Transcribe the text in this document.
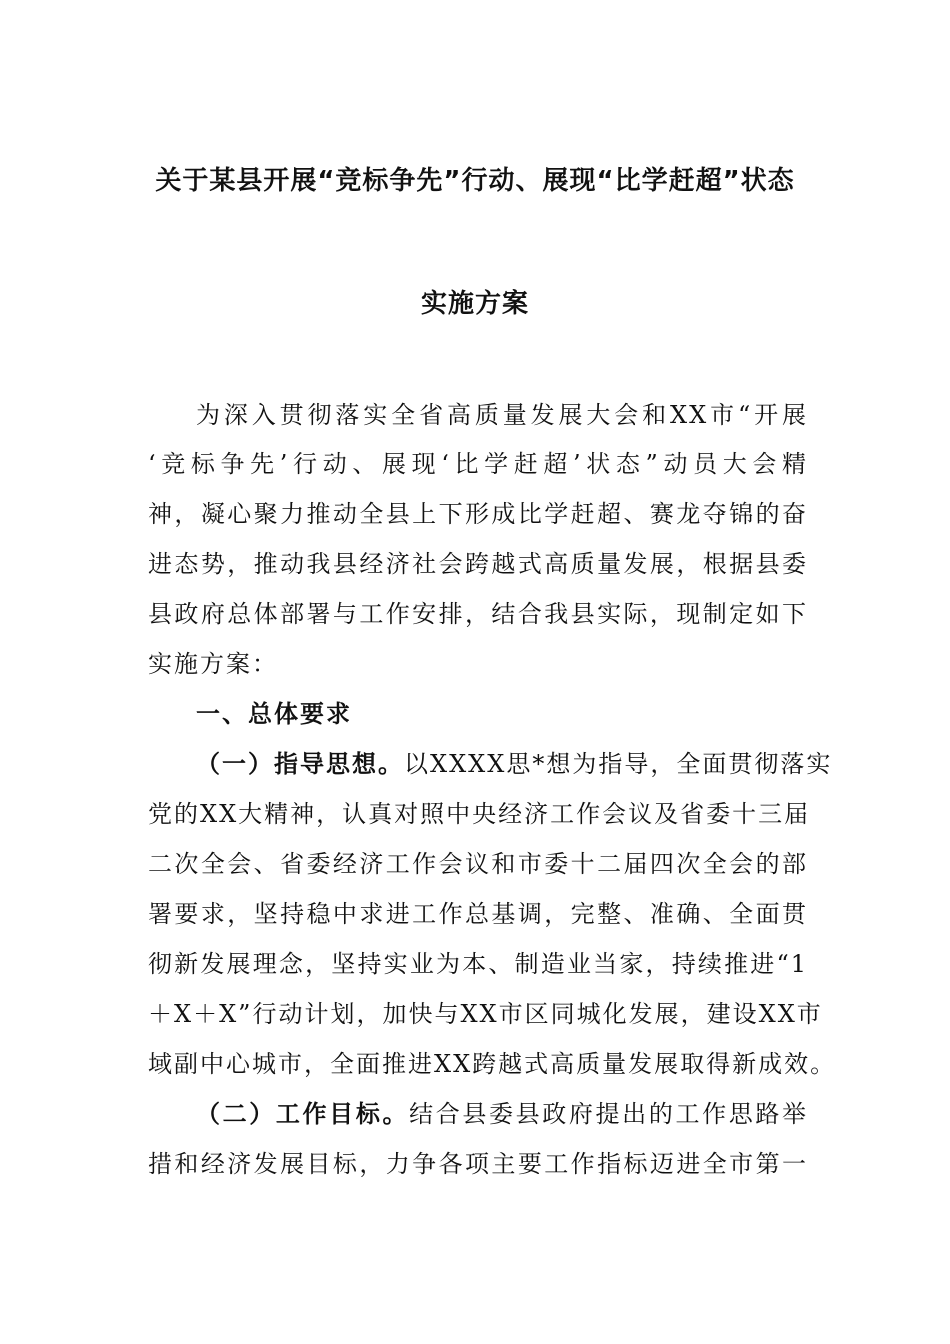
关于某县开展“竞标争先”行动、展现“比学赶超”状态
实施方案
为深入贯彻落实全省高质量发展大会和XX市“开展
‘竞标争先’行动、展现‘比学赶超’状态”动员大会精
神，凝心聚力推动全县上下形成比学赶超、赛龙夺锦的奋
进态势，推动我县经济社会跨越式高质量发展，根据县委
县政府总体部署与工作安排，结合我县实际，现制定如下
实施方案：
一、总体要求
（一）指导思想。以XXXX思*想为指导，全面贯彻落实
党的XX大精神，认真对照中央经济工作会议及省委十三届
二次全会、省委经济工作会议和市委十二届四次全会的部
署要求，坚持稳中求进工作总基调，完整、准确、全面贯
彻新发展理念，坚持实业为本、制造业当家，持续推进“1
＋X＋X”行动计划，加快与XX市区同城化发展，建设XX市
域副中心城市，全面推进XX跨越式高质量发展取得新成效。
（二）工作目标。结合县委县政府提出的工作思路举
措和经济发展目标，力争各项主要工作指标迈进全市第一
